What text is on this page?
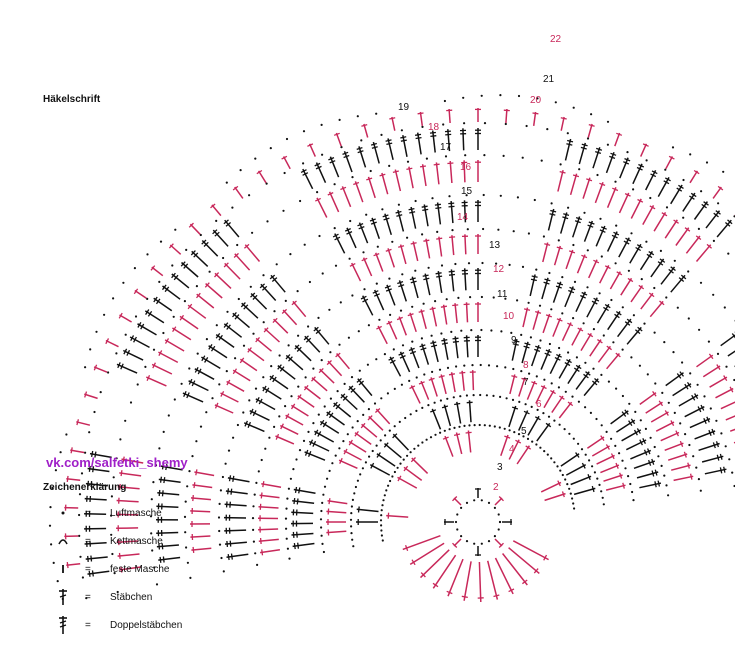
2
3
4
5
6
7
8
9
10
11
12
13
14
15
16
17
18
19
20
21
22
Häkelschrift
vk.com/salfetki_shemy
Zeichenerklärung
= Luftmasche
= Kettmasche
= feste Masche
= Stäbchen
= Doppelstäbchen
